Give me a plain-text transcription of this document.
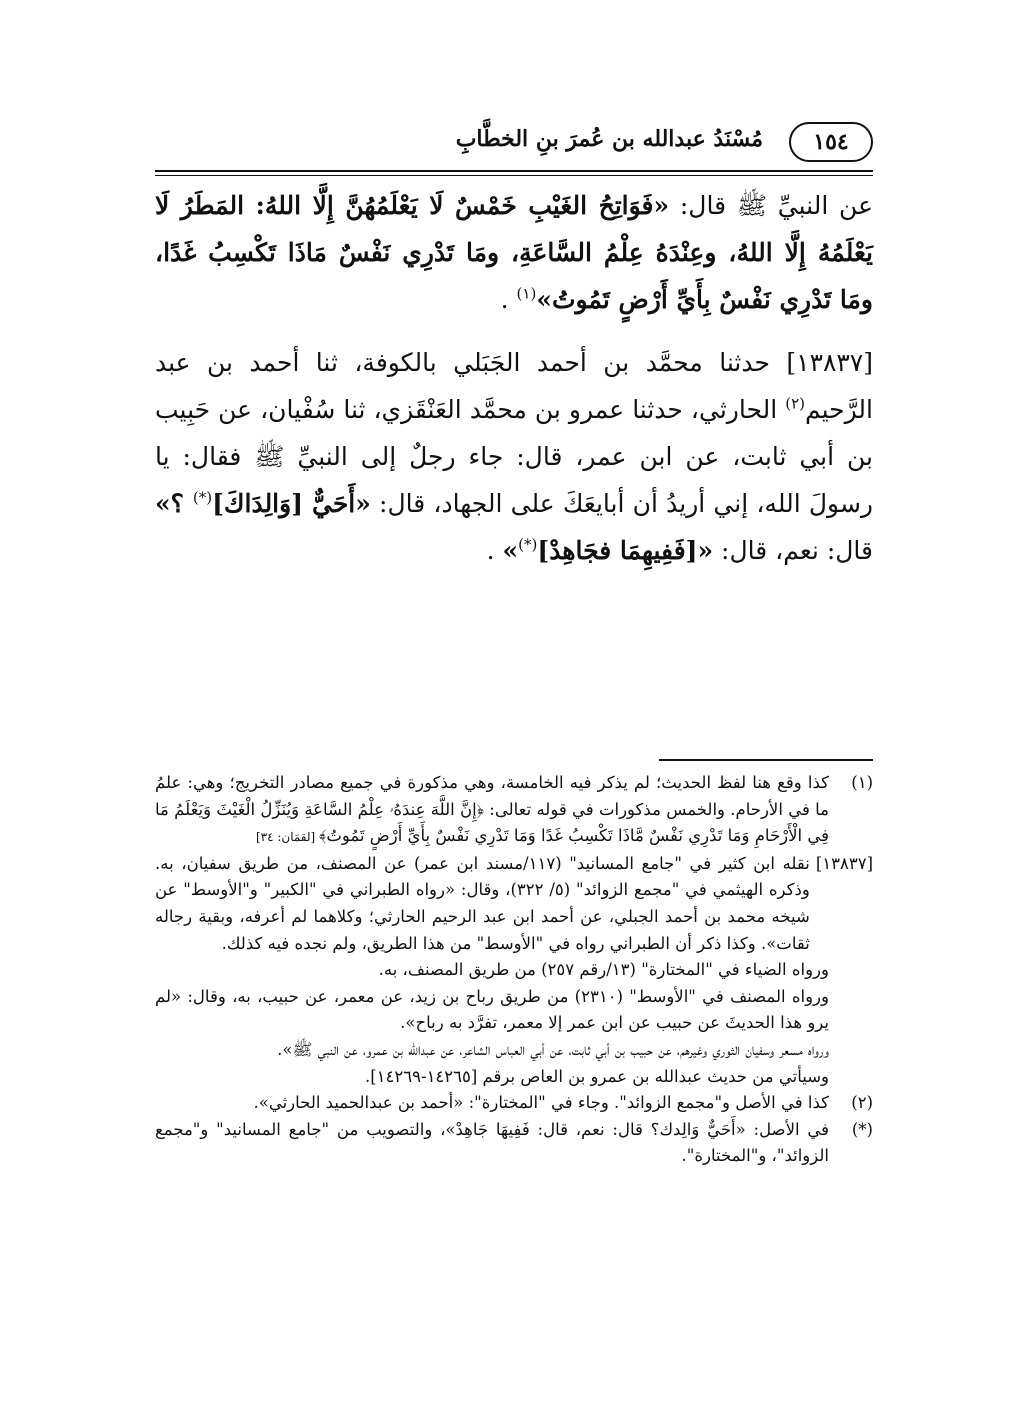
١٥٤
مُسْنَدُ عبدالله بن عُمرَ بنِ الخطَّابِ

عن النبيِّ ﷺ قال: «فَوَاتِحُ الغَيْبِ خَمْسٌ لَا يَعْلَمُهُنَّ إِلَّا اللهُ: المَطَرُ لَا يَعْلَمُهُ إِلَّا اللهُ، وعِنْدَهُ عِلْمُ السَّاعَةِ، ومَا تَدْرِي نَفْسٌ مَاذَا تَكْسِبُ غَدًا، ومَا تَدْرِي نَفْسٌ بِأَيِّ أَرْضٍ تَمُوتُ»$^{(١)}$ .

[١٣٨٣٧] حدثنا محمَّد بن أحمد الجَبَلي بالكوفة، ثنا أحمد بن عبد الرَّحيم$^{(٢)}$ الحارثي، حدثنا عمرو بن محمَّد العَنْقَزي، ثنا سُفْيان، عن حَبِيب بن أبي ثابت، عن ابن عمر، قال: جاء رجلٌ إلى النبيِّ ﷺ فقال: يا رسولَ الله، إني أريدُ أن أبايعَكَ على الجهاد، قال: «أَحَيٌّ [وَالِدَاكَ](*) ؟» قال: نعم، قال: «[فَفِيهِمَا فجَاهِدْ](*)» .

(١)
كذا وقع هنا لفظ الحديث؛ لم يذكر فيه الخامسة، وهي مذكورة في جميع مصادر التخريج؛ وهي: علمُ ما في الأرحام. والخمس مذكورات في قوله تعالى: ﴿إِنَّ اللَّهَ عِندَهُۥ عِلْمُ السَّاعَةِ وَيُنَزِّلُ الْغَيْثَ وَيَعْلَمُ مَا فِي الْأَرْحَامِ وَمَا تَدْرِي نَفْسٌ مَّاذَا تَكْسِبُ غَدًا وَمَا تَدْرِي نَفْسٌ بِأَيِّ أَرْضٍ تَمُوتُ﴾ [لقمَان: ٣٤]
[١٣٨٣٧]

نقله ابن كثير في "جامع المسانيد" (١١٧/مسند ابن عمر) عن المصنف، من طريق سفيان، به. وذكره الهيثمي في "مجمع الزوائد" (٥/ ٣٢٢)، وقال: «رواه الطبراني في "الكبير" و"الأوسط" عن شيخه محمد بن أحمد الجبلي، عن أحمد ابن عبد الرحيم الحارثي؛ وكلاهما لم أعرفه، وبقية رجاله ثقات». وكذا ذكر أن الطبراني رواه في "الأوسط" من هذا الطريق، ولم نجده فيه كذلك.

ورواه الضياء في "المختارة" (١٣/رقم ٢٥٧) من طريق المصنف، به.

ورواه المصنف في "الأوسط" (٢٣١٠) من طريق رباح بن زيد، عن معمر، عن حبيب، به، وقال: «لم يرو هذا الحديثَ عن حبيب عن ابن عمر إلا معمر، تفرَّد به رباح».

ورواه مسعر وسفيان الثوري وغيرهم، عن حبيب بن أبي ثابت، عن أبي العباس الشاعر، عن عبدالله بن عمرو، عن النبي ﷺ».

وسيأتي من حديث عبدالله بن عمرو بن العاص برقم [١٤٢٦٥-١٤٢٦٩].

(٢)
كذا في الأصل و"مجمع الزوائد". وجاء في "المختارة": «أحمد بن عبدالحميد الحارثي».
(*)
في الأصل: «أَحَيٌّ وَالِدك؟ قال: نعم، قال: فَفِيهَا جَاهِدْ»، والتصويب من "جامع المسانيد" و"مجمع الزوائد"، و"المختارة".
